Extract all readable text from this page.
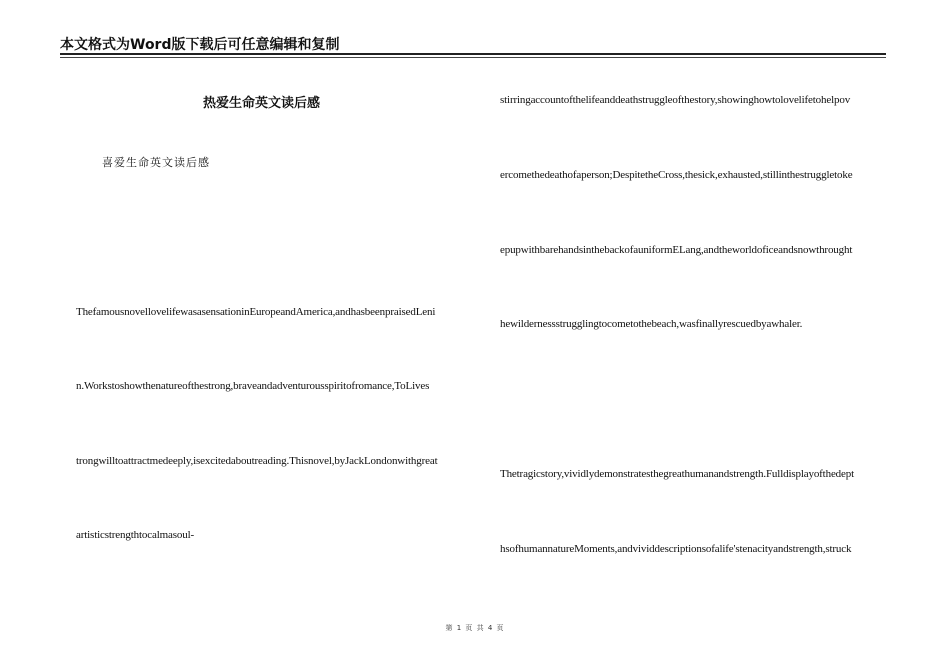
本文格式为Word版下载后可任意编辑和复制
热爱生命英文读后感
喜爱生命英文读后感
ThefamousnovellovelifewasasensationinEuropeandAmerica,andhasbeenpraisedLeni
n.Workstoshowthenatureofthestrong,braveandadventurousspiritofromance,ToLives
trongwilltoattractmedeeply,isexcitedaboutreading.Thisnovel,byJackLondonwithgreat
artisticstrengthtocalmasoul-
stirringaccountofthelifeanddeathstruggleofthestory,showinghowtolovelifetohelpov
ercomethedeathofaperson;DespitetheCross,thesick,exhausted,stillinthestruggletoke
epupwithbarehandsinthebackofauniformELang,andtheworldoficeandsnowthrought
hewildernessstrugglingtocometothebeach,wasfinallyrescuedbyawhaler.
Thetragicstory,vividlydemonstratesthegreathumanandstrength.Fulldisplayofthedept
hsofhumannatureMoments,andvividdescriptionsofalife'stenacityandstrength,struck
第 1 页 共 4 页
